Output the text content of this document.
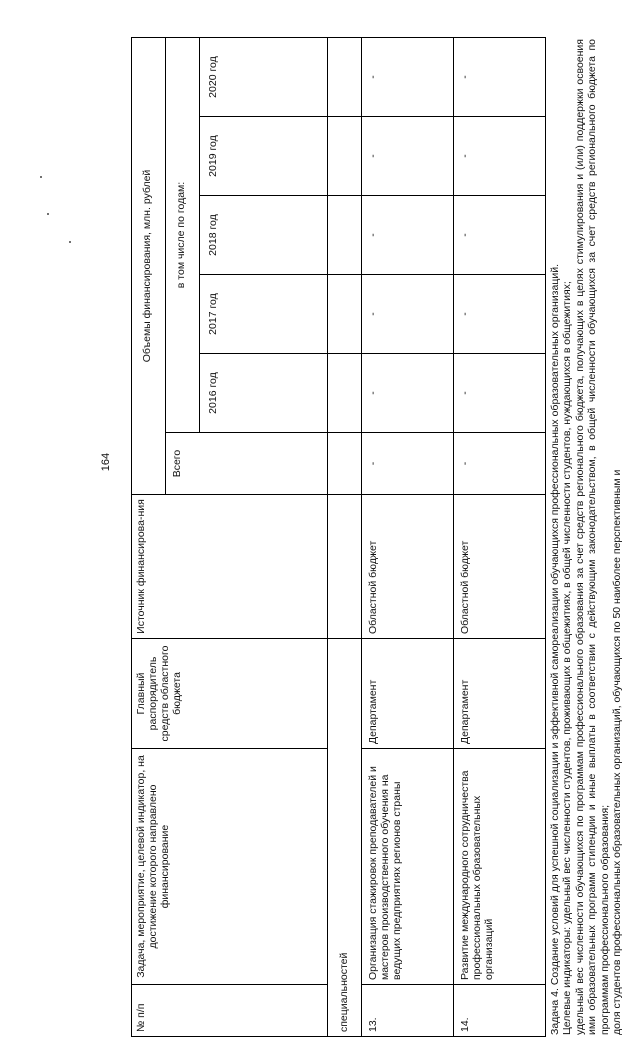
164
№ п/п
Задача, мероприятие, целевой индикатор, на достижение которого направлено финансирование
Главный распорядитель средств областного бюджета
Источник финансирова-ния
Объемы финансирования, млн. рублей
Всего
в том числе по годам:
2016 год
2017 год
2018 год
2019 год
2020 год
специальностей	13.
Организация стажировок преподавателей и мастеров производственного обучения на ведущих предприятиях регионов страны
Департамент
Областной бюджет
-
-
-
-
-
-
14.
Развитие международного сотрудничества профессиональных образовательных организаций
Департамент
Областной бюджет
-
-
-
-
-
-

Задача 4. Создание условий для успешной социализации и эффективной самореализации обучающихся профессиональных образовательных организаций. Целевые индикаторы: удельный вес численности студентов, проживающих в общежитиях, в общей численности студентов, нуждающихся в общежитиях; удельный вес численности обучающихся по программам профессионального образования за счет средств регионального бюджета, получающих в целях стимулирования и (или) поддержки освоения ими образовательных программ стипендии и иные выплаты в соответствии с действующим законодательством, в общей численности обучающихся за счет средств регионального бюджета по программам профессионального образования; доля студентов профессиональных образовательных организаций, обучающихся по 50 наиболее перспективным и
